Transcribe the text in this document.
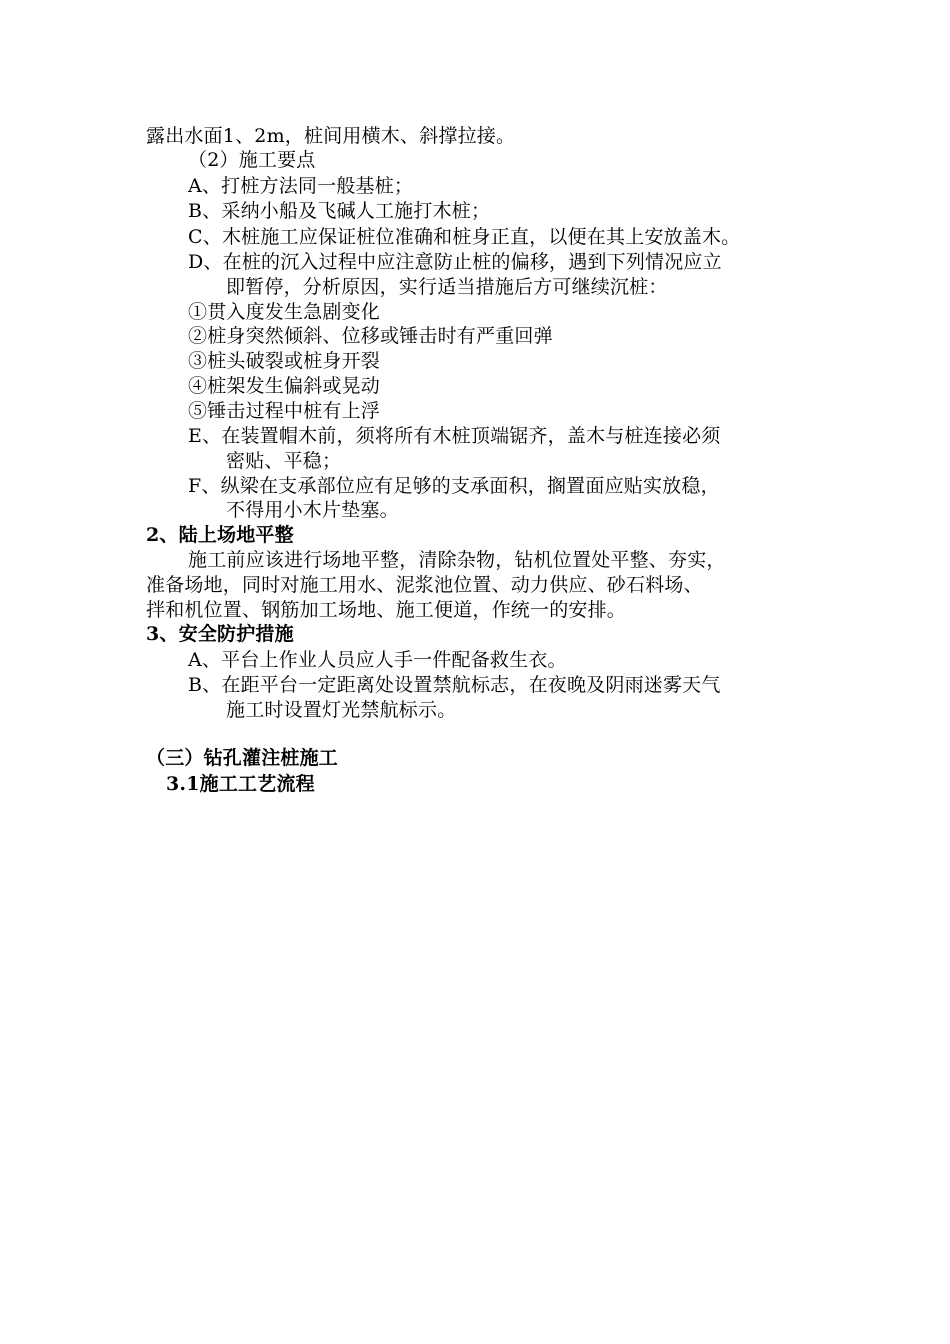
露出水面1、2m，桩间用横木、斜撑拉接。
（2）施工要点
A、打桩方法同一般基桩；
B、采纳小船及飞碱人工施打木桩；
C、木桩施工应保证桩位准确和桩身正直，以便在其上安放盖木。
D、在桩的沉入过程中应注意防止桩的偏移，遇到下列情况应立
即暂停，分析原因，实行适当措施后方可继续沉桩：
①贯入度发生急剧变化
②桩身突然倾斜、位移或锤击时有严重回弹
③桩头破裂或桩身开裂
④桩架发生偏斜或晃动
⑤锤击过程中桩有上浮
E、在装置帽木前，须将所有木桩顶端锯齐，盖木与桩连接必须
密贴、平稳；
F、纵梁在支承部位应有足够的支承面积，搁置面应贴实放稳，
不得用小木片垫塞。
2、陆上场地平整
施工前应该进行场地平整，清除杂物，钻机位置处平整、夯实，
准备场地，同时对施工用水、泥浆池位置、动力供应、砂石料场、
拌和机位置、钢筋加工场地、施工便道，作统一的安排。
3、安全防护措施
A、平台上作业人员应人手一件配备救生衣。
B、在距平台一定距离处设置禁航标志，在夜晚及阴雨迷雾天气
施工时设置灯光禁航标示。
（三）钻孔灌注桩施工
3.1施工工艺流程
